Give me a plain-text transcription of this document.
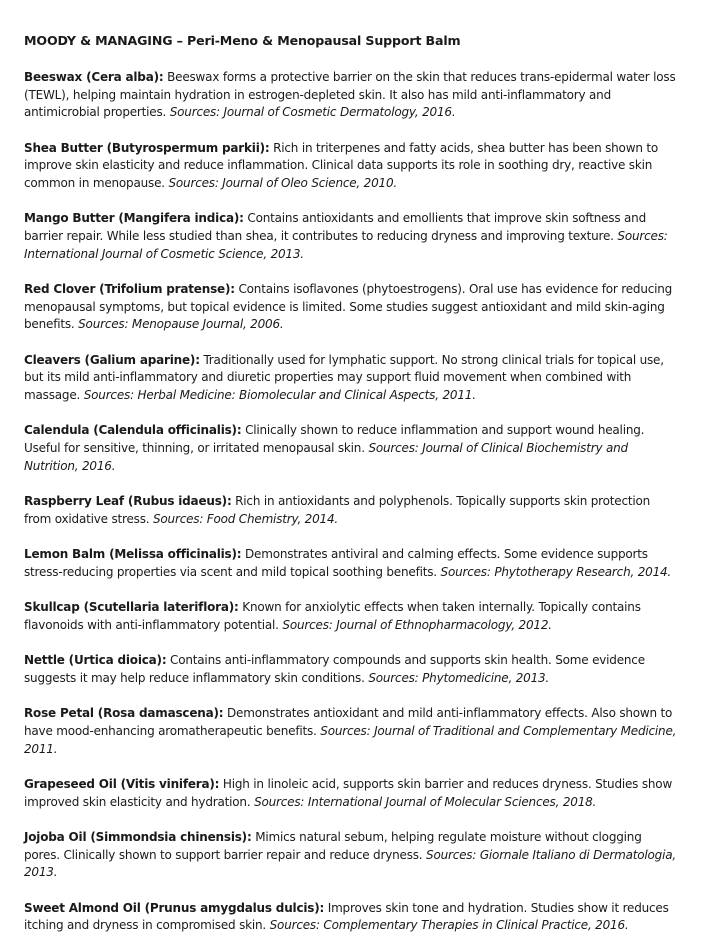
MOODY & MANAGING – Peri-Meno & Menopausal Support Balm

Beeswax (Cera alba): Beeswax forms a protective barrier on the skin that reduces trans-epidermal water loss (TEWL), helping maintain hydration in estrogen-depleted skin. It also has mild anti-inflammatory and antimicrobial properties. Sources: Journal of Cosmetic Dermatology, 2016.

Shea Butter (Butyrospermum parkii): Rich in triterpenes and fatty acids, shea butter has been shown to improve skin elasticity and reduce inflammation. Clinical data supports its role in soothing dry, reactive skin common in menopause. Sources: Journal of Oleo Science, 2010.

Mango Butter (Mangifera indica): Contains antioxidants and emollients that improve skin softness and barrier repair. While less studied than shea, it contributes to reducing dryness and improving texture. Sources: International Journal of Cosmetic Science, 2013.

Red Clover (Trifolium pratense): Contains isoflavones (phytoestrogens). Oral use has evidence for reducing menopausal symptoms, but topical evidence is limited. Some studies suggest antioxidant and mild skin-aging benefits. Sources: Menopause Journal, 2006.

Cleavers (Galium aparine): Traditionally used for lymphatic support. No strong clinical trials for topical use, but its mild anti-inflammatory and diuretic properties may support fluid movement when combined with massage. Sources: Herbal Medicine: Biomolecular and Clinical Aspects, 2011.

Calendula (Calendula officinalis): Clinically shown to reduce inflammation and support wound healing. Useful for sensitive, thinning, or irritated menopausal skin. Sources: Journal of Clinical Biochemistry and Nutrition, 2016.

Raspberry Leaf (Rubus idaeus): Rich in antioxidants and polyphenols. Topically supports skin protection from oxidative stress. Sources: Food Chemistry, 2014.

Lemon Balm (Melissa officinalis): Demonstrates antiviral and calming effects. Some evidence supports stress-reducing properties via scent and mild topical soothing benefits. Sources: Phytotherapy Research, 2014.

Skullcap (Scutellaria lateriflora): Known for anxiolytic effects when taken internally. Topically contains flavonoids with anti-inflammatory potential. Sources: Journal of Ethnopharmacology, 2012.

Nettle (Urtica dioica): Contains anti-inflammatory compounds and supports skin health. Some evidence suggests it may help reduce inflammatory skin conditions. Sources: Phytomedicine, 2013.

Rose Petal (Rosa damascena): Demonstrates antioxidant and mild anti-inflammatory effects. Also shown to have mood-enhancing aromatherapeutic benefits. Sources: Journal of Traditional and Complementary Medicine, 2011.

Grapeseed Oil (Vitis vinifera): High in linoleic acid, supports skin barrier and reduces dryness. Studies show improved skin elasticity and hydration. Sources: International Journal of Molecular Sciences, 2018.

Jojoba Oil (Simmondsia chinensis): Mimics natural sebum, helping regulate moisture without clogging pores. Clinically shown to support barrier repair and reduce dryness. Sources: Giornale Italiano di Dermatologia, 2013.

Sweet Almond Oil (Prunus amygdalus dulcis): Improves skin tone and hydration. Studies show it reduces itching and dryness in compromised skin. Sources: Complementary Therapies in Clinical Practice, 2016.
